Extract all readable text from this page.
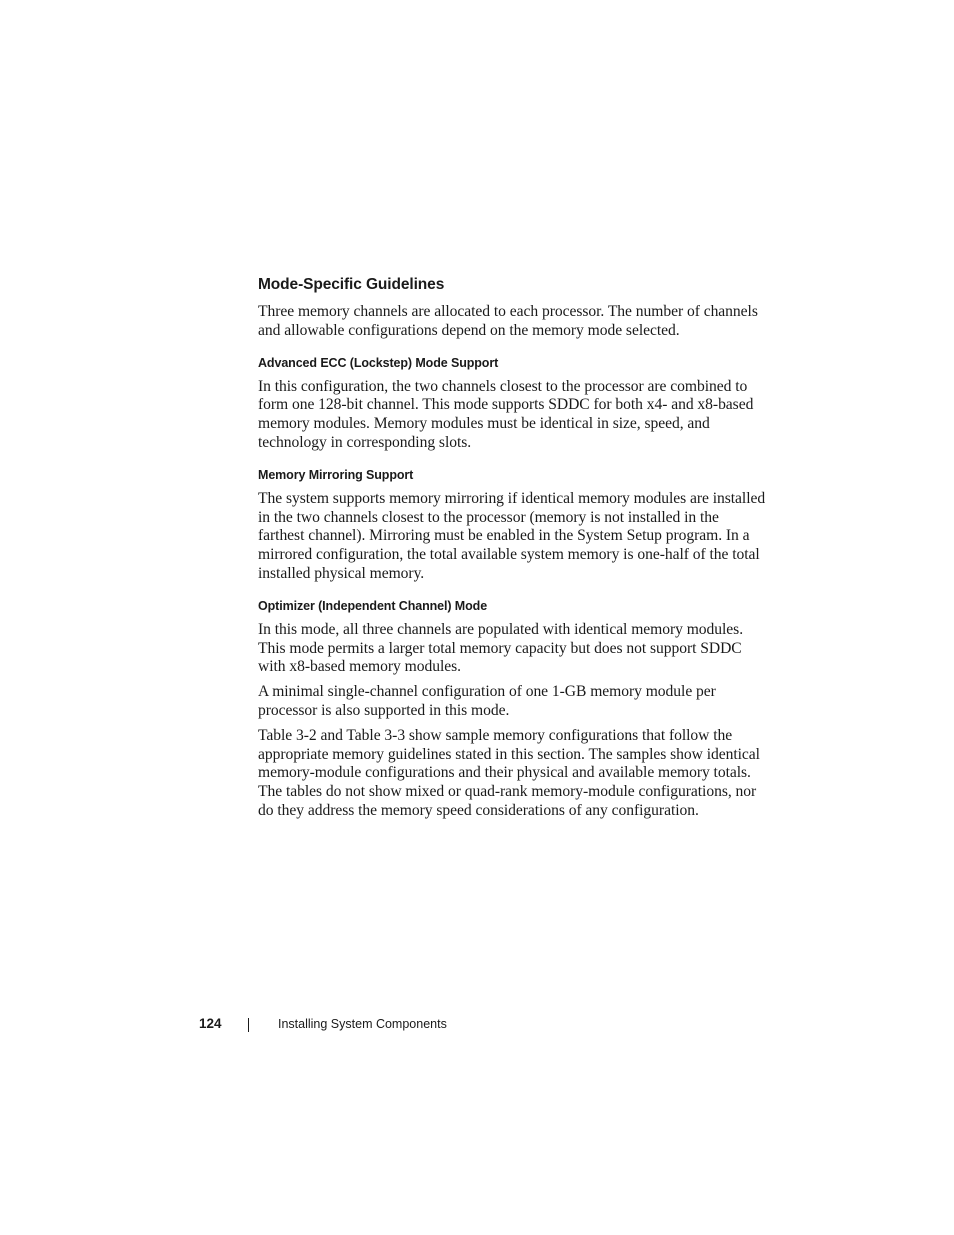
Mode-Specific Guidelines

Three memory channels are allocated to each processor. The number of channels and allowable configurations depend on the memory mode selected.

Advanced ECC (Lockstep) Mode Support

In this configuration, the two channels closest to the processor are combined to form one 128-bit channel. This mode supports SDDC for both x4- and x8-based memory modules. Memory modules must be identical in size, speed, and technology in corresponding slots.

Memory Mirroring Support

The system supports memory mirroring if identical memory modules are installed in the two channels closest to the processor (memory is not installed in the farthest channel). Mirroring must be enabled in the System Setup program. In a mirrored configuration, the total available system memory is one-half of the total installed physical memory.

Optimizer (Independent Channel) Mode

In this mode, all three channels are populated with identical memory modules. This mode permits a larger total memory capacity but does not support SDDC with x8-based memory modules.

A minimal single-channel configuration of one 1-GB memory module per processor is also supported in this mode.

Table 3-2 and Table 3-3 show sample memory configurations that follow the appropriate memory guidelines stated in this section. The samples show identical memory-module configurations and their physical and available memory totals. The tables do not show mixed or quad-rank memory-module configurations, nor do they address the memory speed considerations of any configuration.

124	Installing System Components
